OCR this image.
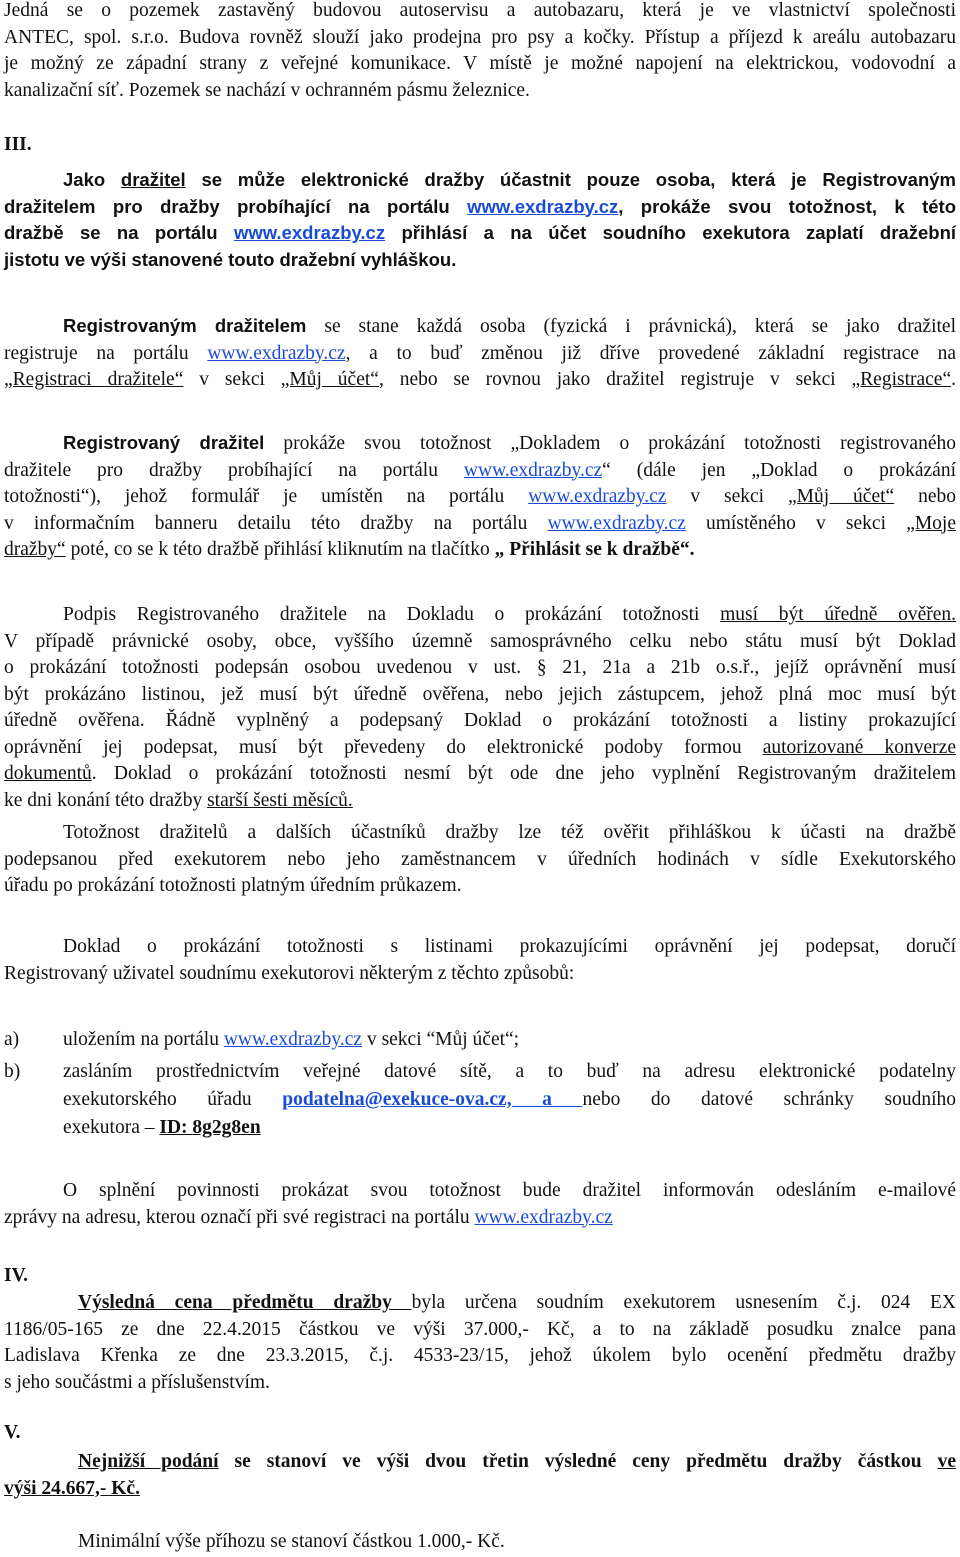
Jedná se o pozemek zastavěný budovou autoservisu a autobazaru, která je ve vlastnictví společnosti
ANTEC, spol. s.r.o. Budova rovněž slouží jako prodejna pro psy a kočky. Přístup a příjezd k areálu autobazaru
je možný ze západní strany z veřejné komunikace. V místě je možné napojení na elektrickou, vodovodní a
kanalizační síť. Pozemek se nachází v ochranném pásmu železnice.
III.
Jako dražitel se může elektronické dražby účastnit pouze osoba, která je Registrovaným
dražitelem pro dražby probíhající na portálu www.exdrazby.cz, prokáže svou totožnost, k této
dražbě se na portálu www.exdrazby.cz přihlásí a na účet soudního exekutora zaplatí dražební
jistotu ve výši stanovené touto dražební vyhláškou.
Registrovaným dražitelem se stane každá osoba (fyzická i právnická), která se jako dražitel
registruje na portálu www.exdrazby.cz, a to buď změnou již dříve provedené základní registrace na
„Registraci dražitele“ v sekci „Můj účet“, nebo se rovnou jako dražitel registruje v sekci „Registrace“.
Registrovaný dražitel prokáže svou totožnost „Dokladem o prokázání totožnosti registrovaného
dražitele pro dražby probíhající na portálu www.exdrazby.cz“ (dále jen „Doklad o prokázání
totožnosti“), jehož formulář je umístěn na portálu www.exdrazby.cz v sekci „Můj účet“ nebo
v informačním banneru detailu této dražby na portálu www.exdrazby.cz umístěného v sekci „Moje
dražby“ poté, co se k této dražbě přihlásí kliknutím na tlačítko „ Přihlásit se k dražbě“.
Podpis Registrovaného dražitele na Dokladu o prokázání totožnosti musí být úředně ověřen.
V případě právnické osoby, obce, vyššího územně samosprávného celku nebo státu musí být Doklad
o prokázání totožnosti podepsán osobou uvedenou v ust. § 21, 21a a 21b o.s.ř., jejíž oprávnění musí
být prokázáno listinou, jež musí být úředně ověřena, nebo jejich zástupcem, jehož plná moc musí být
úředně ověřena. Řádně vyplněný a podepsaný Doklad o prokázání totožnosti a listiny prokazující
oprávnění jej podepsat, musí být převedeny do elektronické podoby formou autorizované konverze
dokumentů. Doklad o prokázání totožnosti nesmí být ode dne jeho vyplnění Registrovaným dražitelem
ke dni konání této dražby starší šesti měsíců.
Totožnost dražitelů a dalších účastníků dražby lze též ověřit přihláškou k účasti na dražbě
podepsanou před exekutorem nebo jeho zaměstnancem v úředních hodinách v sídle Exekutorského
úřadu po prokázání totožnosti platným úředním průkazem.
Doklad o prokázání totožnosti s listinami prokazujícími oprávnění jej podepsat, doručí
Registrovaný uživatel soudnímu exekutorovi některým z těchto způsobů:
a) uložením na portálu www.exdrazby.cz v sekci “Můj účet“;
b) zasláním prostřednictvím veřejné datové sítě, a to buď na adresu elektronické podatelny
exekutorského úřadu podatelna@exekuce-ova.cz, a nebo do datové schránky soudního
exekutora – ID: 8g2g8en
O splnění povinnosti prokázat svou totožnost bude dražitel informován odesláním e-mailové
zprávy na adresu, kterou označí při své registraci na portálu www.exdrazby.cz
IV.
Výsledná cena předmětu dražby byla určena soudním exekutorem usnesením č.j. 024 EX
1186/05-165 ze dne 22.4.2015 částkou ve výši 37.000,- Kč, a to na základě posudku znalce pana
Ladislava Křenka ze dne 23.3.2015, č.j. 4533-23/15, jehož úkolem bylo ocenění předmětu dražby
s jeho součástmi a příslušenstvím.
V.
Nejnižší podání se stanoví ve výši dvou třetin výsledné ceny předmětu dražby částkou ve
výši 24.667,- Kč.
Minimální výše příhozu se stanoví částkou 1.000,- Kč.
